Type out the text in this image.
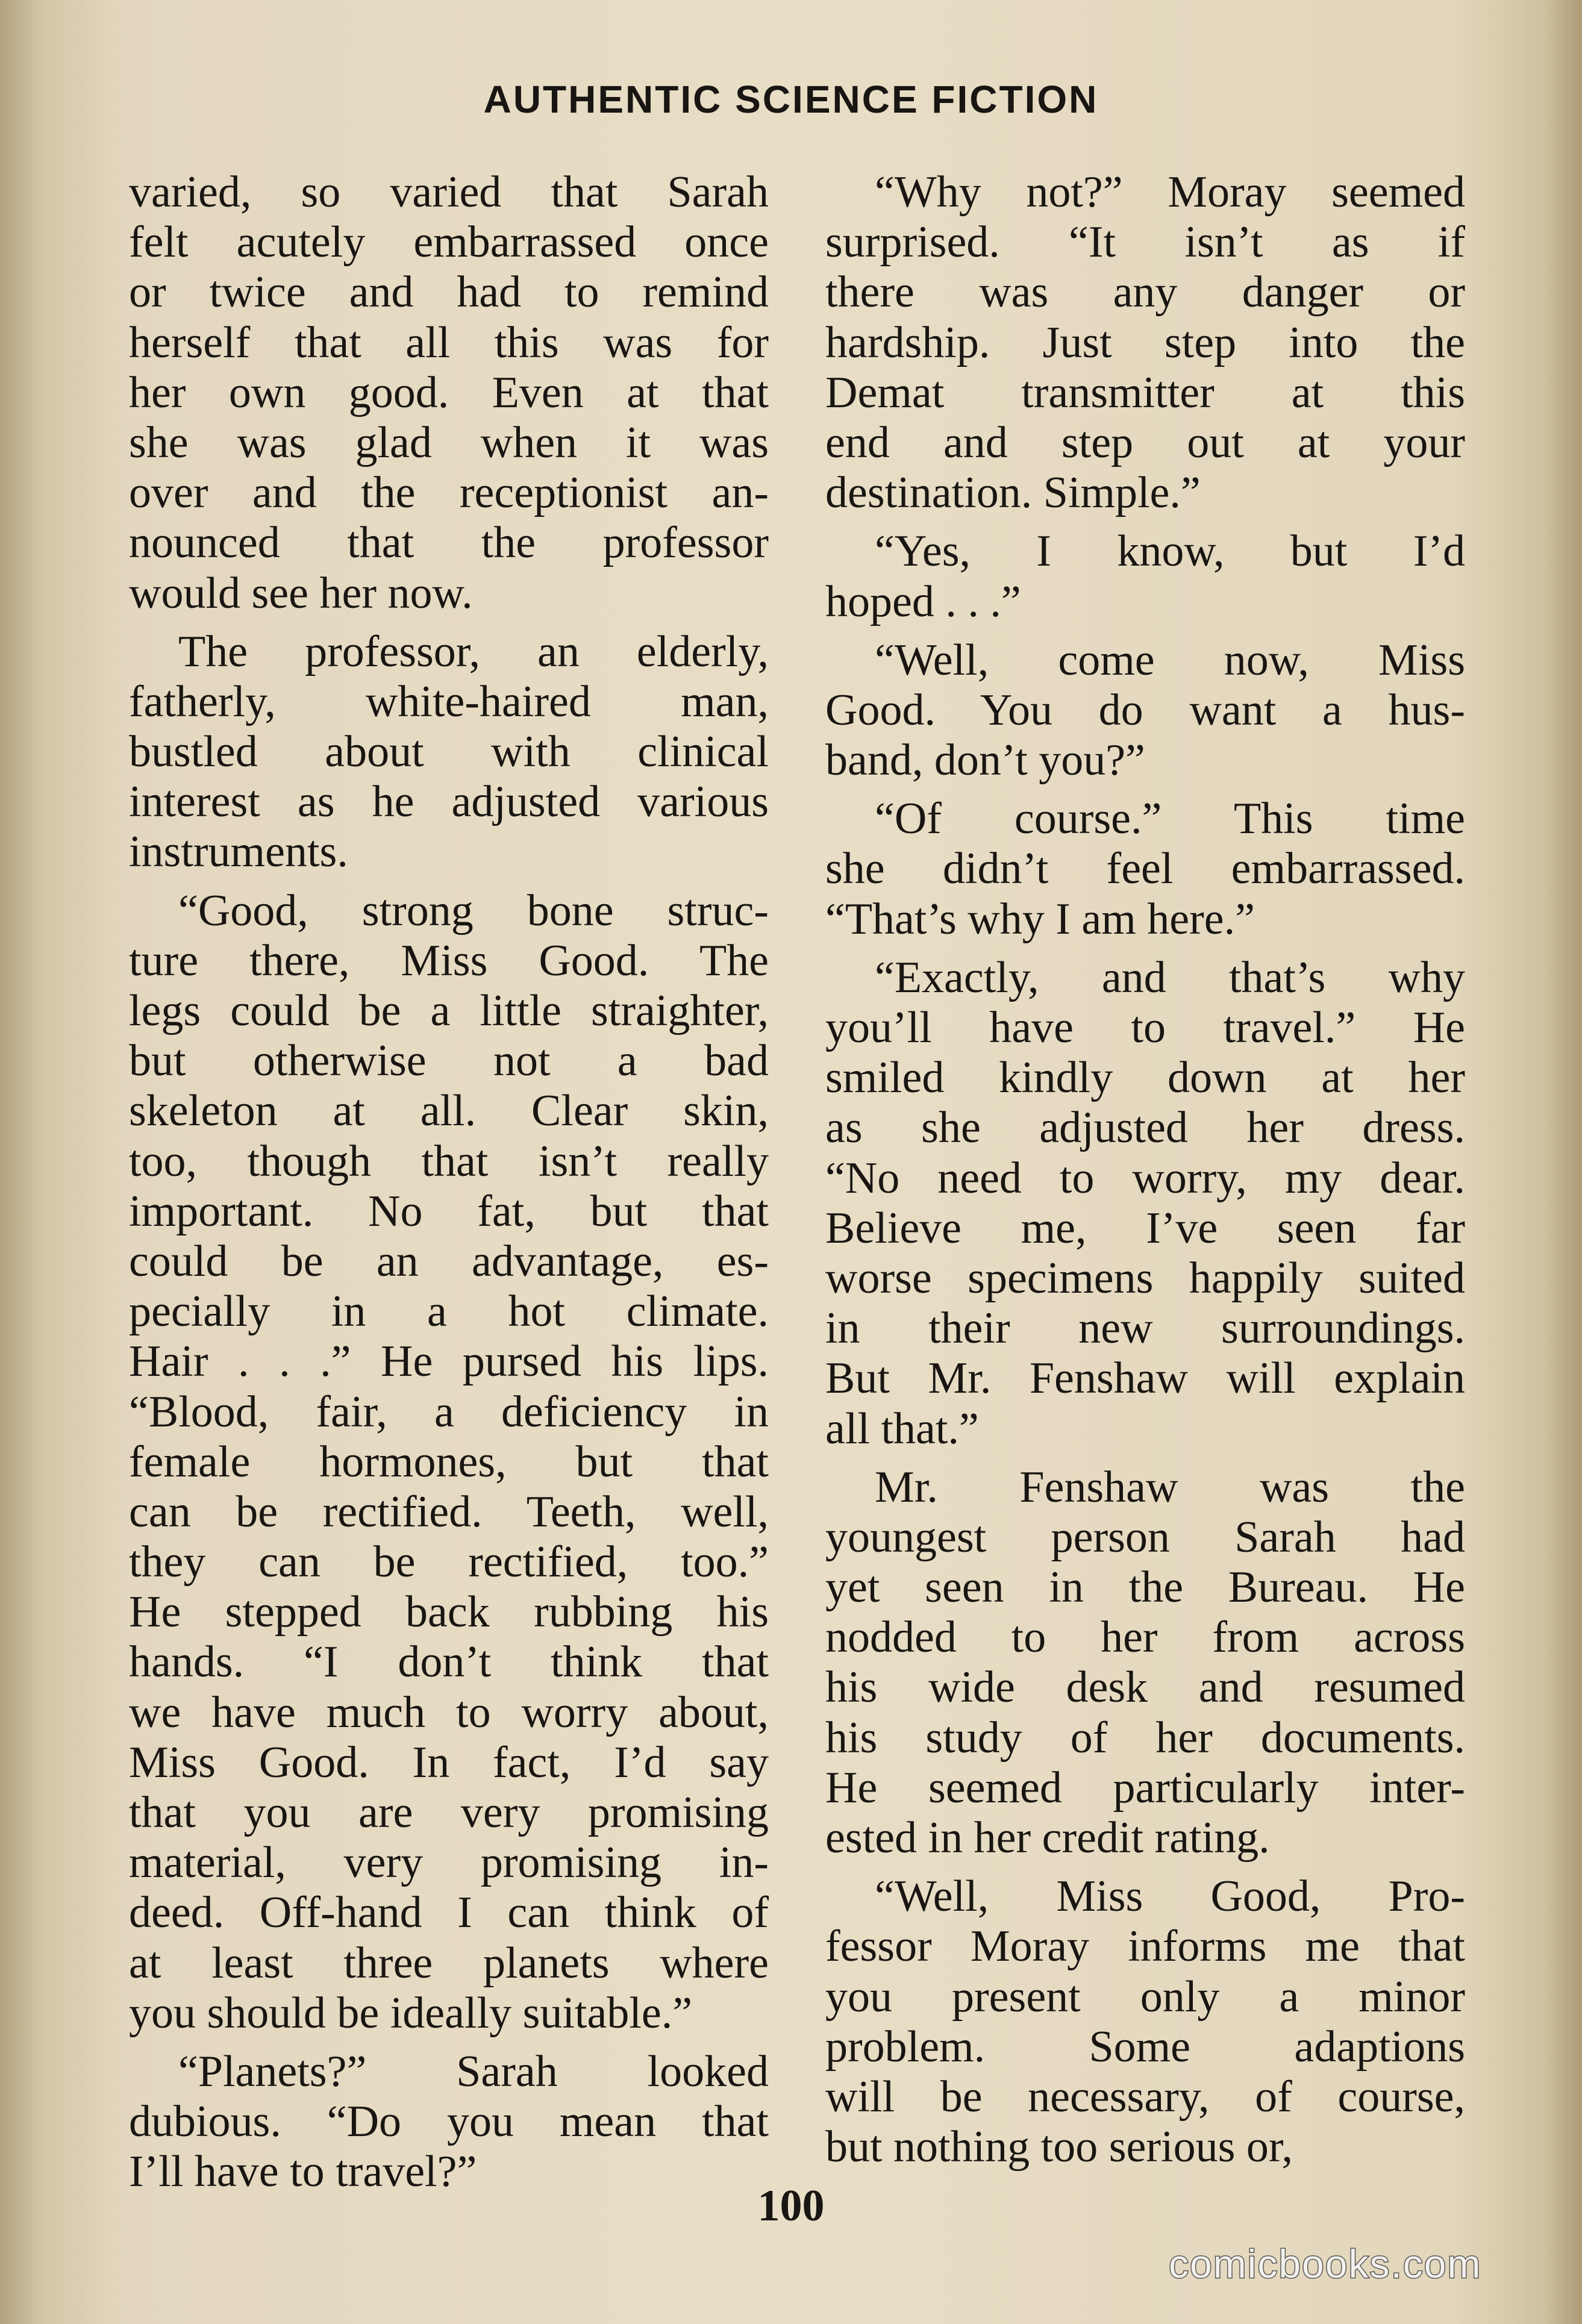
AUTHENTIC SCIENCE FICTION
varied, so varied that Sarah
felt acutely embarrassed once
or twice and had to remind
herself that all this was for
her own good. Even at that
she was glad when it was
over and the receptionist an-
nounced that the professor
would see her now.
The professor, an elderly,
fatherly, white-haired man,
bustled about with clinical
interest as he adjusted various
instruments.
“Good, strong bone struc-
ture there, Miss Good. The
legs could be a little straighter,
but otherwise not a bad
skeleton at all. Clear skin,
too, though that isn’t really
important. No fat, but that
could be an advantage, es-
pecially in a hot climate.
Hair . . .” He pursed his lips.
“Blood, fair, a deficiency in
female hormones, but that
can be rectified. Teeth, well,
they can be rectified, too.”
He stepped back rubbing his
hands. “I don’t think that
we have much to worry about,
Miss Good. In fact, I’d say
that you are very promising
material, very promising in-
deed. Off-hand I can think of
at least three planets where
you should be ideally suitable.”
“Planets?” Sarah looked
dubious. “Do you mean that
I’ll have to travel?”
“Why not?” Moray seemed
surprised. “It isn’t as if
there was any danger or
hardship. Just step into the
Demat transmitter at this
end and step out at your
destination. Simple.”
“Yes, I know, but I’d
hoped . . .”
“Well, come now, Miss
Good. You do want a hus-
band, don’t you?”
“Of course.” This time
she didn’t feel embarrassed.
“That’s why I am here.”
“Exactly, and that’s why
you’ll have to travel.” He
smiled kindly down at her
as she adjusted her dress.
“No need to worry, my dear.
Believe me, I’ve seen far
worse specimens happily suited
in their new surroundings.
But Mr. Fenshaw will explain
all that.”
Mr. Fenshaw was the
youngest person Sarah had
yet seen in the Bureau. He
nodded to her from across
his wide desk and resumed
his study of her documents.
He seemed particularly inter-
ested in her credit rating.
“Well, Miss Good, Pro-
fessor Moray informs me that
you present only a minor
problem. Some adaptions
will be necessary, of course,
but nothing too serious or,
100
comicbooks.com
